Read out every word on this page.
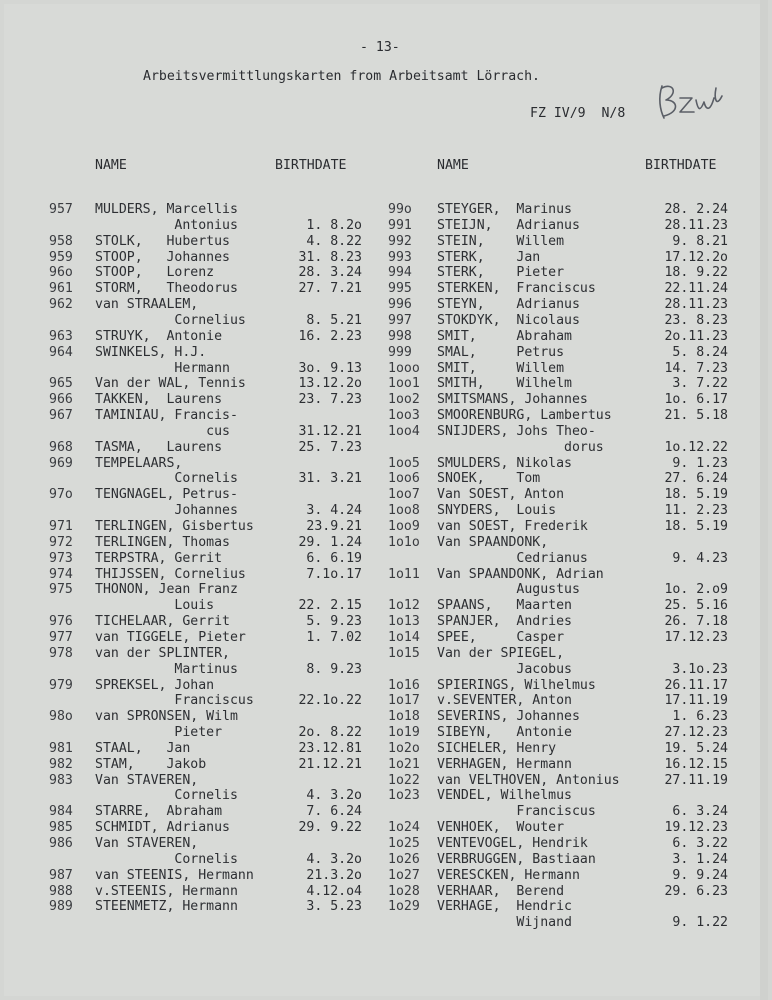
- 13-
Arbeitsvermittlungskarten from Arbeitsamt Lörrach.
FZ IV/9  N/8
NAME	BIRTHDATE	NAME	BIRTHDATE
957 MULDERS, Marcellis
Antonius	1. 8.2o
958 STOLK,   Hubertus	4. 8.22
959 STOOP,   Johannes	31. 8.23
96o STOOP,   Lorenz	28. 3.24
961 STORM,   Theodorus	27. 7.21
962 van STRAALEM,
Cornelius	8. 5.21
963 STRUYK,  Antonie	16. 2.23
964 SWINKELS, H.J.
Hermann	3o. 9.13
965 Van der WAL, Tennis	13.12.2o
966 TAKKEN,  Laurens	23. 7.23
967 TAMINIAU, Francis-
cus	31.12.21
968 TASMA,   Laurens	25. 7.23
969 TEMPELAARS,
Cornelis	31. 3.21
97o TENGNAGEL, Petrus-
Johannes	3. 4.24
971 TERLINGEN, Gisbertus	23.9.21
972 TERLINGEN, Thomas	29. 1.24
973 TERPSTRA, Gerrit	6. 6.19
974 THIJSSEN, Cornelius	7.1o.17
975 THONON, Jean Franz
Louis	22. 2.15
976 TICHELAAR, Gerrit	5. 9.23
977 van TIGGELE, Pieter	1. 7.02
978 van der SPLINTER,
Martinus	8. 9.23
979 SPREKSEL, Johan
Franciscus	22.1o.22
98o van SPRONSEN, Wilm
Pieter	2o. 8.22
981 STAAL,   Jan	23.12.81
982 STAM,    Jakob	21.12.21
983 Van STAVEREN,
Cornelis	4. 3.2o
984 STARRE,  Abraham	7. 6.24
985 SCHMIDT, Adrianus	29. 9.22
986 Van STAVEREN,
Cornelis	4. 3.2o
987 van STEENIS, Hermann	21.3.2o
988 v.STEENIS, Hermann	4.12.o4
989 STEENMETZ, Hermann	3. 5.23
99o STEYGER,  Marinus	28. 2.24
991 STEIJN,   Adrianus	28.11.23
992 STEIN,    Willem	9. 8.21
993 STERK,    Jan	17.12.2o
994 STERK,    Pieter	18. 9.22
995 STERKEN,  Franciscus	22.11.24
996 STEYN,    Adrianus	28.11.23
997 STOKDYK,  Nicolaus	23. 8.23
998 SMIT,     Abraham	2o.11.23
999 SMAL,     Petrus	5. 8.24
1ooo SMIT,     Willem	14. 7.23
1oo1 SMITH,    Wilhelm	3. 7.22
1oo2 SMITSMANS, Johannes	1o. 6.17
1oo3 SMOORENBURG, Lambertus	21. 5.18
1oo4 SNIJDERS, Johs Theo-
dorus	1o.12.22
1oo5 SMULDERS, Nikolas	9. 1.23
1oo6 SNOEK,    Tom	27. 6.24
1oo7 Van SOEST, Anton	18. 5.19
1oo8 SNYDERS,  Louis	11. 2.23
1oo9 van SOEST, Frederik	18. 5.19
1o1o Van SPAANDONK,
Cedrianus	9. 4.23
1o11 Van SPAANDONK, Adrian
Augustus	1o. 2.o9
1o12 SPAANS,   Maarten	25. 5.16
1o13 SPANJER,  Andries	26. 7.18
1o14 SPEE,     Casper	17.12.23
1o15 Van der SPIEGEL,
Jacobus	3.1o.23
1o16 SPIERINGS, Wilhelmus	26.11.17
1o17 v.SEVENTER, Anton	17.11.19
1o18 SEVERINS, Johannes	1. 6.23
1o19 SIBEYN,   Antonie	27.12.23
1o2o SICHELER, Henry	19. 5.24
1o21 VERHAGEN, Hermann	16.12.15
1o22 van VELTHOVEN, Antonius	27.11.19
1o23 VENDEL, Wilhelmus
Franciscus	6. 3.24
1o24 VENHOEK,  Wouter	19.12.23
1o25 VENTEVOGEL, Hendrik	6. 3.22
1o26 VERBRUGGEN, Bastiaan	3. 1.24
1o27 VERESCKEN, Hermann	9. 9.24
1o28 VERHAAR,  Berend	29. 6.23
1o29 VERHAGE,  Hendric
Wijnand	9. 1.22
